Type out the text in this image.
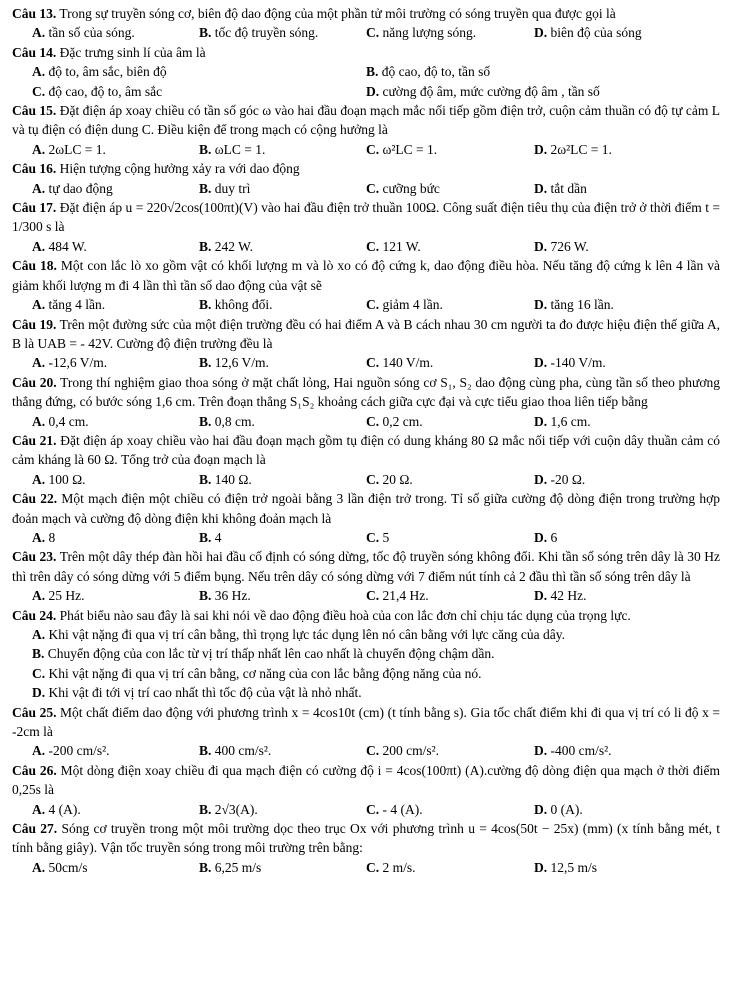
Câu 13. Trong sự truyền sóng cơ, biên độ dao động của một phần tử môi trường có sóng truyền qua được gọi là
A. tần số của sóng.	B. tốc độ truyền sóng.	C. năng lượng sóng.	D. biên độ của sóng
Câu 14. Đặc trưng sinh lí của âm là
A. độ to, âm sắc, biên độ	B. độ cao, độ to, tần số
C. độ cao, độ to, âm sắc	D. cường độ âm, mức cường độ âm , tần số
Câu 15. Đặt điện áp xoay chiều có tần số góc ω vào hai đầu đoạn mạch mắc nối tiếp gồm điện trở, cuộn cảm thuần có độ tự cảm L và tụ điện có điện dung C. Điều kiện để trong mạch có cộng hưởng là
A. 2ωLC = 1.	B. ωLC = 1.	C. ω²LC = 1.	D. 2ω²LC = 1.
Câu 16. Hiện tượng cộng hưởng xảy ra với dao động
A. tự dao động	B. duy trì	C. cưỡng bức	D. tắt dần
Câu 17. Đặt điện áp u = 220√2cos(100πt)(V) vào hai đầu điện trở thuần 100Ω. Công suất điện tiêu thụ của điện trở ở thời điểm t = 1/300 s là
A. 484 W.	B. 242 W.	C. 121 W.	D. 726 W.
Câu 18. Một con lắc lò xo gồm vật có khối lượng m và lò xo có độ cứng k, dao động điều hòa. Nếu tăng độ cứng k lên 4 lần và giảm khối lượng m đi 4 lần thì tần số dao động của vật sẽ
A. tăng 4 lần.	B. không đổi.	C. giảm 4 lần.	D. tăng 16 lần.
Câu 19. Trên một đường sức của một điện trường đều có hai điểm A và B cách nhau 30 cm người ta đo được hiệu điện thế giữa A, B là UAB = - 42V. Cường độ điện trường đều là
A. -12,6 V/m.	B. 12,6 V/m.	C. 140 V/m.	D. -140 V/m.
Câu 20. Trong thí nghiệm giao thoa sóng ở mặt chất lỏng, Hai nguồn sóng cơ S₁, S₂ dao động cùng pha, cùng tần số theo phương thẳng đứng, có bước sóng 1,6 cm. Trên đoạn thẳng S₁S₂ khoảng cách giữa cực đại và cực tiểu giao thoa liên tiếp bằng
A. 0,4 cm.	B. 0,8 cm.	C. 0,2 cm.	D. 1,6 cm.
Câu 21. Đặt điện áp xoay chiều vào hai đầu đoạn mạch gồm tụ điện có dung kháng 80 Ω mắc nối tiếp với cuộn dây thuần cảm có cảm kháng là 60 Ω. Tổng trở của đoạn mạch là
A. 100 Ω.	B. 140 Ω.	C. 20 Ω.	D. -20 Ω.
Câu 22. Một mạch điện một chiều có điện trở ngoài bằng 3 lần điện trở trong. Tỉ số giữa cường độ dòng điện trong trường hợp đoản mạch và cường độ dòng điện khi không đoản mạch là
A. 8	B. 4	C. 5	D. 6
Câu 23. Trên một dây thép đàn hồi hai đầu cố định có sóng dừng, tốc độ truyền sóng không đổi. Khi tần số sóng trên dây là 30 Hz thì trên dây có sóng dừng với 5 điểm bụng. Nếu trên dây có sóng dừng với 7 điểm nút tính cả 2 đầu thì tần số sóng trên dây là
A. 25 Hz.	B. 36 Hz.	C. 21,4 Hz.	D. 42 Hz.
Câu 24. Phát biểu nào sau đây là sai khi nói về dao động điều hoà của con lắc đơn chỉ chịu tác dụng của trọng lực.
A. Khi vật nặng đi qua vị trí cân bằng, thì trọng lực tác dụng lên nó cân bằng với lực căng của dây.
B. Chuyển động của con lắc từ vị trí thấp nhất lên cao nhất là chuyển động chậm dần.
C. Khi vật nặng đi qua vị trí cân bằng, cơ năng của con lắc bằng động năng của nó.
D. Khi vật đi tới vị trí cao nhất thì tốc độ của vật là nhỏ nhất.
Câu 25. Một chất điểm dao động với phương trình x = 4cos10t (cm) (t tính bằng s). Gia tốc chất điểm khi đi qua vị trí có li độ x = -2cm là
A. -200 cm/s².	B. 400 cm/s².	C. 200 cm/s².	D. -400 cm/s².
Câu 26. Một dòng điện xoay chiều đi qua mạch điện có cường độ i = 4cos(100πt) (A).cường độ dòng điện qua mạch ở thời điểm 0,25s là
A. 4 (A).	B. 2√3(A).	C. - 4 (A).	D. 0 (A).
Câu 27. Sóng cơ truyền trong một môi trường dọc theo trục Ox với phương trình u = 4cos(50t − 25x) (mm) (x tính bằng mét, t tính bằng giây). Vận tốc truyền sóng trong môi trường trên bằng:
A. 50cm/s	B. 6,25 m/s	C. 2 m/s.	D. 12,5 m/s
